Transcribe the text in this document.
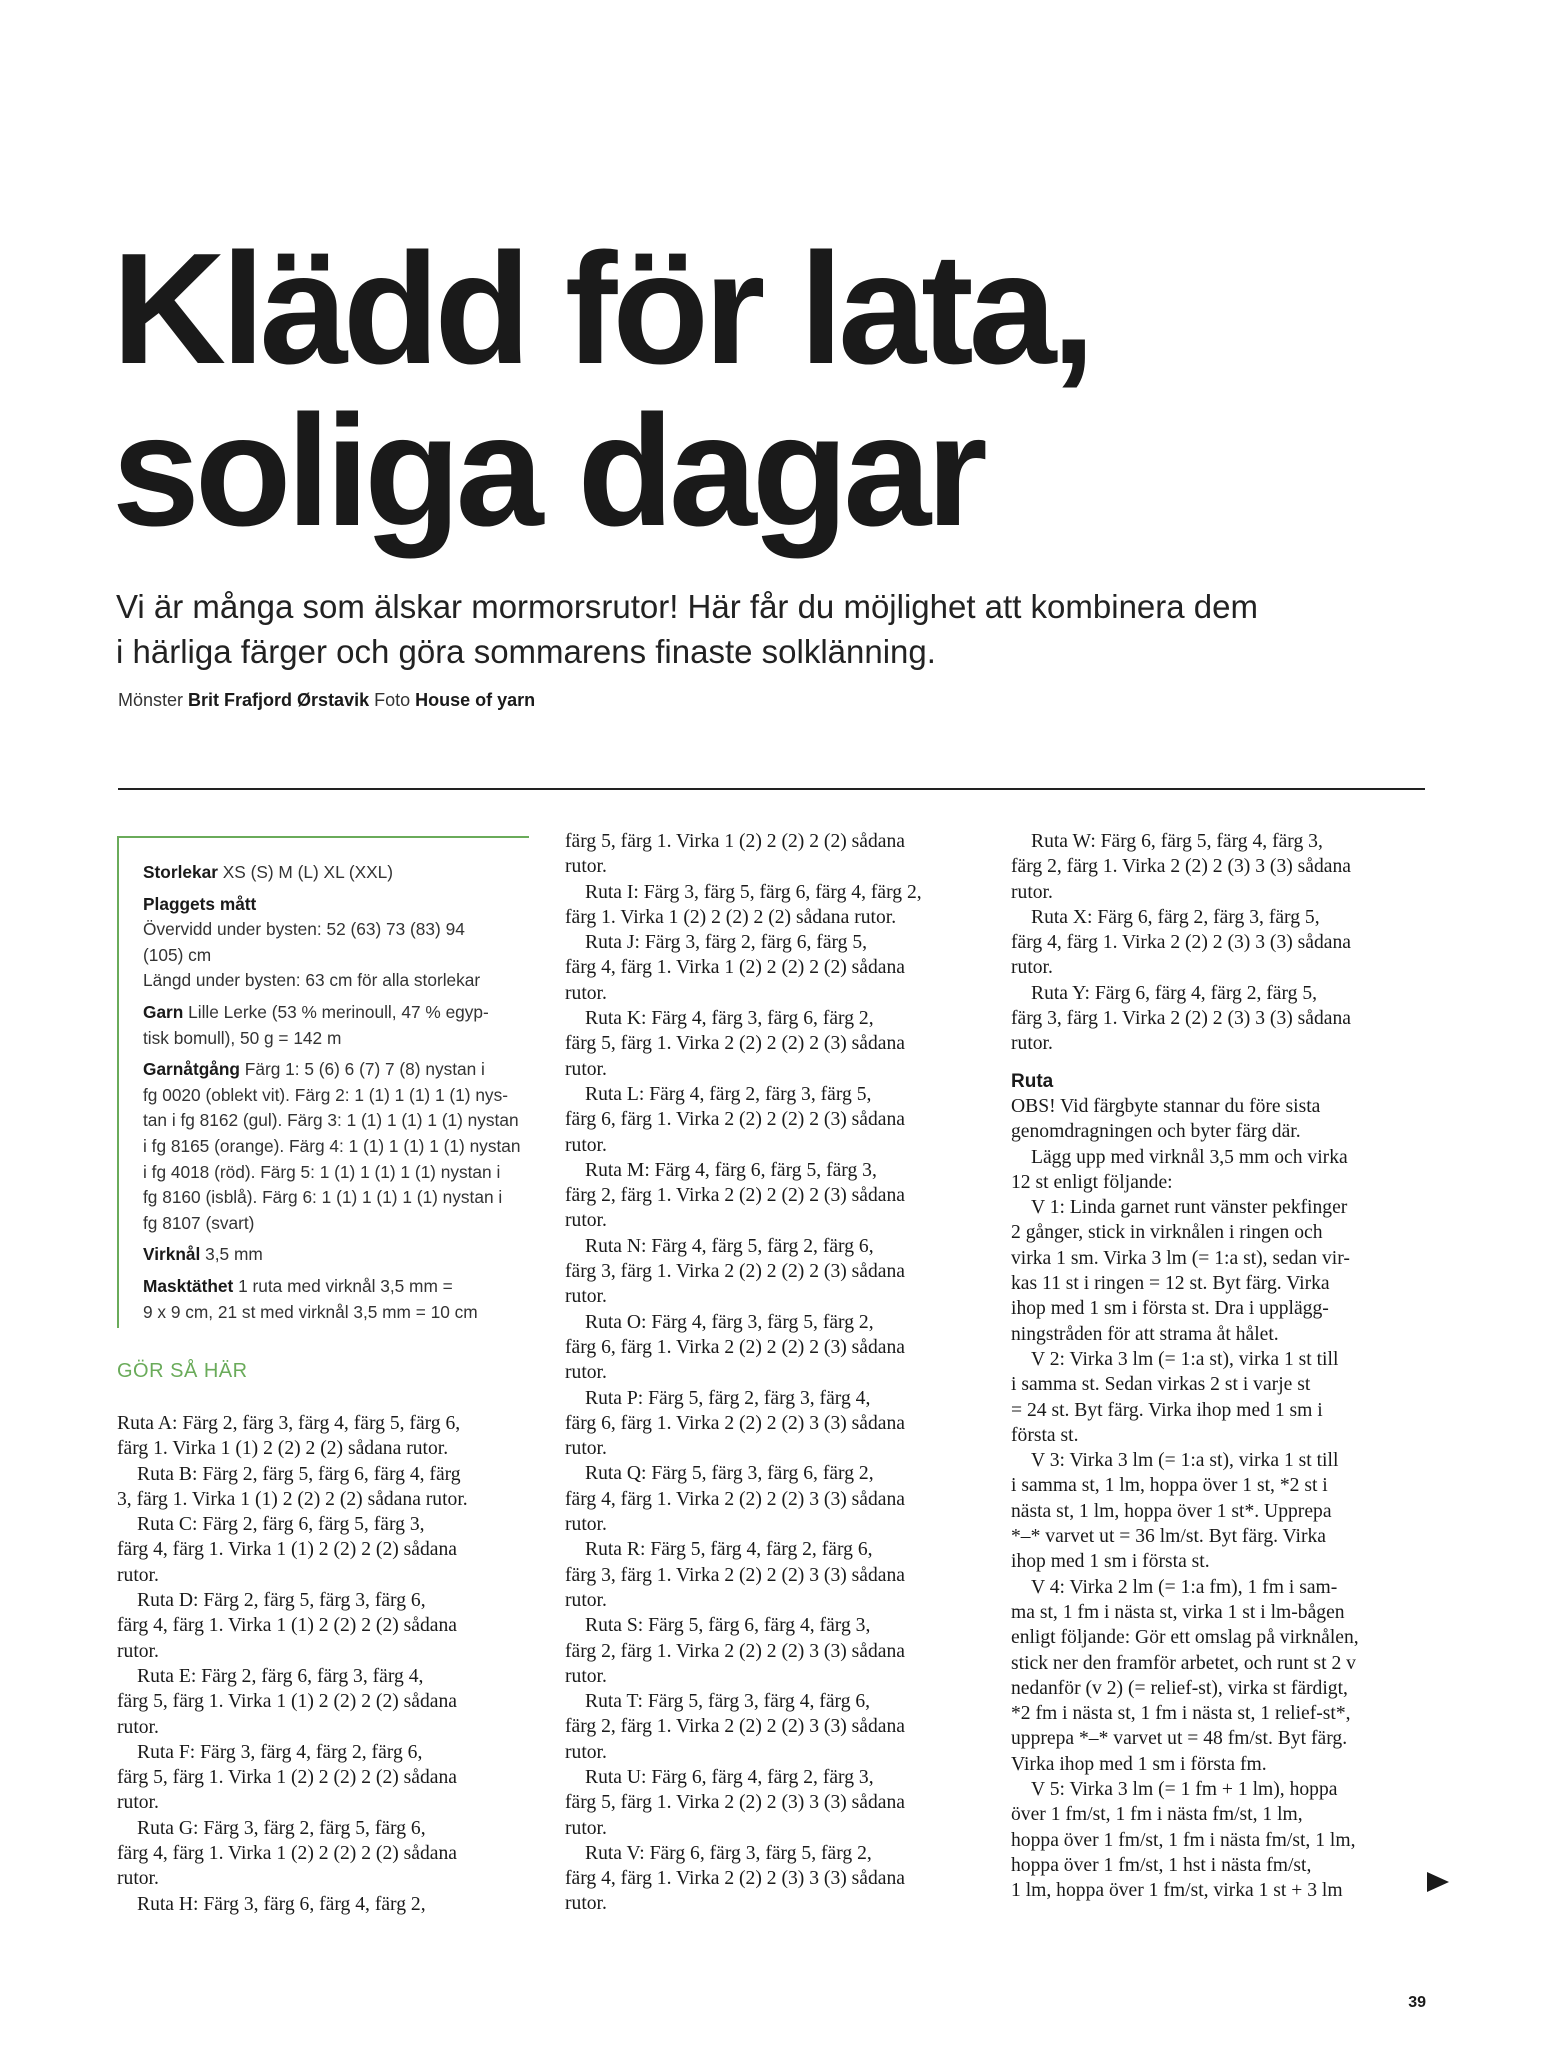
Klädd för lata,
soliga dagar

Vi är många som älskar mormorsrutor! Här får du möjlighet att kombinera dem
i härliga färger och göra sommarens finaste solklänning.

Mönster Brit Frafjord Ørstavik Foto House of yarn
Storlekar XS (S) M (L) XL (XXL)
Plaggets mått
Övervidd under bysten: 52 (63) 73 (83) 94
(105) cm
Längd under bysten: 63 cm för alla storlekar
Garn Lille Lerke (53 % merinoull, 47 % egyp-
tisk bomull), 50 g = 142 m
Garnåtgång Färg 1: 5 (6) 6 (7) 7 (8) nystan i
fg 0020 (oblekt vit). Färg 2: 1 (1) 1 (1) 1 (1) nys-
tan i fg 8162 (gul). Färg 3: 1 (1) 1 (1) 1 (1) nystan
i fg 8165 (orange). Färg 4: 1 (1) 1 (1) 1 (1) nystan
i fg 4018 (röd). Färg 5: 1 (1) 1 (1) 1 (1) nystan i
fg 8160 (isblå). Färg 6: 1 (1) 1 (1) 1 (1) nystan i
fg 8107 (svart)
Virknål 3,5 mm
Masktäthet 1 ruta med virknål 3,5 mm =
9 x 9 cm, 21 st med virknål 3,5 mm = 10 cm
GÖR SÅ HÄR
Ruta A: Färg 2, färg 3, färg 4, färg 5, färg 6,
färg 1. Virka 1 (1) 2 (2) 2 (2) sådana rutor.
Ruta B: Färg 2, färg 5, färg 6, färg 4, färg
3, färg 1. Virka 1 (1) 2 (2) 2 (2) sådana rutor.
Ruta C: Färg 2, färg 6, färg 5, färg 3,
färg 4, färg 1. Virka 1 (1) 2 (2) 2 (2) sådana
rutor.
Ruta D: Färg 2, färg 5, färg 3, färg 6,
färg 4, färg 1. Virka 1 (1) 2 (2) 2 (2) sådana
rutor.
Ruta E: Färg 2, färg 6, färg 3, färg 4,
färg 5, färg 1. Virka 1 (1) 2 (2) 2 (2) sådana
rutor.
Ruta F: Färg 3, färg 4, färg 2, färg 6,
färg 5, färg 1. Virka 1 (2) 2 (2) 2 (2) sådana
rutor.
Ruta G: Färg 3, färg 2, färg 5, färg 6,
färg 4, färg 1. Virka 1 (2) 2 (2) 2 (2) sådana
rutor.
Ruta H: Färg 3, färg 6, färg 4, färg 2,
färg 5, färg 1. Virka 1 (2) 2 (2) 2 (2) sådana
rutor.
Ruta I: Färg 3, färg 5, färg 6, färg 4, färg 2,
färg 1. Virka 1 (2) 2 (2) 2 (2) sådana rutor.
Ruta J: Färg 3, färg 2, färg 6, färg 5,
färg 4, färg 1. Virka 1 (2) 2 (2) 2 (2) sådana
rutor.
Ruta K: Färg 4, färg 3, färg 6, färg 2,
färg 5, färg 1. Virka 2 (2) 2 (2) 2 (3) sådana
rutor.
Ruta L: Färg 4, färg 2, färg 3, färg 5,
färg 6, färg 1. Virka 2 (2) 2 (2) 2 (3) sådana
rutor.
Ruta M: Färg 4, färg 6, färg 5, färg 3,
färg 2, färg 1. Virka 2 (2) 2 (2) 2 (3) sådana
rutor.
Ruta N: Färg 4, färg 5, färg 2, färg 6,
färg 3, färg 1. Virka 2 (2) 2 (2) 2 (3) sådana
rutor.
Ruta O: Färg 4, färg 3, färg 5, färg 2,
färg 6, färg 1. Virka 2 (2) 2 (2) 2 (3) sådana
rutor.
Ruta P: Färg 5, färg 2, färg 3, färg 4,
färg 6, färg 1. Virka 2 (2) 2 (2) 3 (3) sådana
rutor.
Ruta Q: Färg 5, färg 3, färg 6, färg 2,
färg 4, färg 1. Virka 2 (2) 2 (2) 3 (3) sådana
rutor.
Ruta R: Färg 5, färg 4, färg 2, färg 6,
färg 3, färg 1. Virka 2 (2) 2 (2) 3 (3) sådana
rutor.
Ruta S: Färg 5, färg 6, färg 4, färg 3,
färg 2, färg 1. Virka 2 (2) 2 (2) 3 (3) sådana
rutor.
Ruta T: Färg 5, färg 3, färg 4, färg 6,
färg 2, färg 1. Virka 2 (2) 2 (2) 3 (3) sådana
rutor.
Ruta U: Färg 6, färg 4, färg 2, färg 3,
färg 5, färg 1. Virka 2 (2) 2 (3) 3 (3) sådana
rutor.
Ruta V: Färg 6, färg 3, färg 5, färg 2,
färg 4, färg 1. Virka 2 (2) 2 (3) 3 (3) sådana
rutor.
Ruta W: Färg 6, färg 5, färg 4, färg 3,
färg 2, färg 1. Virka 2 (2) 2 (3) 3 (3) sådana
rutor.
Ruta X: Färg 6, färg 2, färg 3, färg 5,
färg 4, färg 1. Virka 2 (2) 2 (3) 3 (3) sådana
rutor.
Ruta Y: Färg 6, färg 4, färg 2, färg 5,
färg 3, färg 1. Virka 2 (2) 2 (3) 3 (3) sådana
rutor.
Ruta
OBS! Vid färgbyte stannar du före sista
genomdragningen och byter färg där.
Lägg upp med virknål 3,5 mm och virka
12 st enligt följande:
V 1: Linda garnet runt vänster pekfinger
2 gånger, stick in virknålen i ringen och
virka 1 sm. Virka 3 lm (= 1:a st), sedan vir-
kas 11 st i ringen = 12 st. Byt färg. Virka
ihop med 1 sm i första st. Dra i upplägg-
ningstråden för att strama åt hålet.
V 2: Virka 3 lm (= 1:a st), virka 1 st till
i samma st. Sedan virkas 2 st i varje st
= 24 st. Byt färg. Virka ihop med 1 sm i
första st.
V 3: Virka 3 lm (= 1:a st), virka 1 st till
i samma st, 1 lm, hoppa över 1 st, *2 st i
nästa st, 1 lm, hoppa över 1 st*. Upprepa
*–* varvet ut = 36 lm/st. Byt färg. Virka
ihop med 1 sm i första st.
V 4: Virka 2 lm (= 1:a fm), 1 fm i sam-
ma st, 1 fm i nästa st, virka 1 st i lm-bågen
enligt följande: Gör ett omslag på virknålen,
stick ner den framför arbetet, och runt st 2 v
nedanför (v 2) (= relief-st), virka st färdigt,
*2 fm i nästa st, 1 fm i nästa st, 1 relief-st*,
upprepa *–* varvet ut = 48 fm/st. Byt färg.
Virka ihop med 1 sm i första fm.
V 5: Virka 3 lm (= 1 fm + 1 lm), hoppa
över 1 fm/st, 1 fm i nästa fm/st, 1 lm,
hoppa över 1 fm/st, 1 fm i nästa fm/st, 1 lm,
hoppa över 1 fm/st, 1 hst i nästa fm/st,
1 lm, hoppa över 1 fm/st, virka 1 st + 3 lm
39
